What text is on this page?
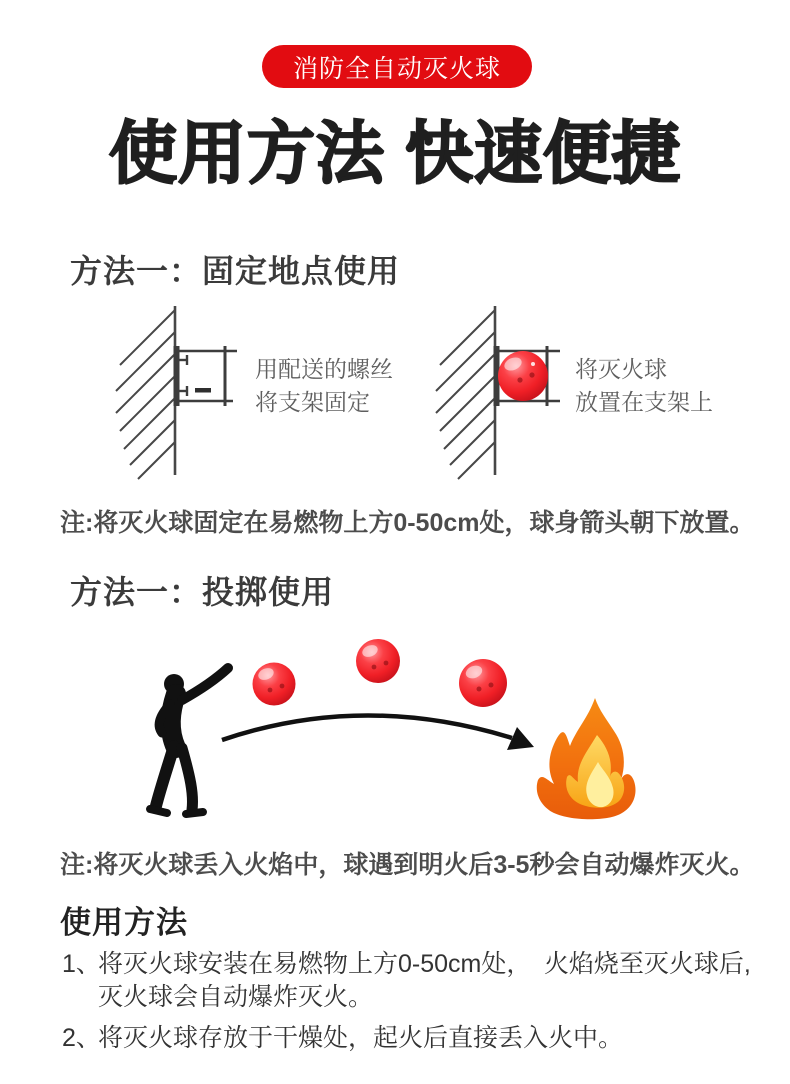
消防全自动灭火球
使用方法 快速便捷
方法一：固定地点使用
用配送的螺丝
将支架固定
将灭火球
放置在支架上

注:将灭火球固定在易燃物上方0-50cm处，球身箭头朝下放置。

方法一：投掷使用

注:将灭火球丢入火焰中，球遇到明火后3-5秒会自动爆炸灭火。

使用方法
1、
将灭火球安装在易燃物上方0-50cm处，　火焰烧至灭火球后,
灭火球会自动爆炸灭火。
2、
将灭火球存放于干燥处，起火后直接丢入火中。
